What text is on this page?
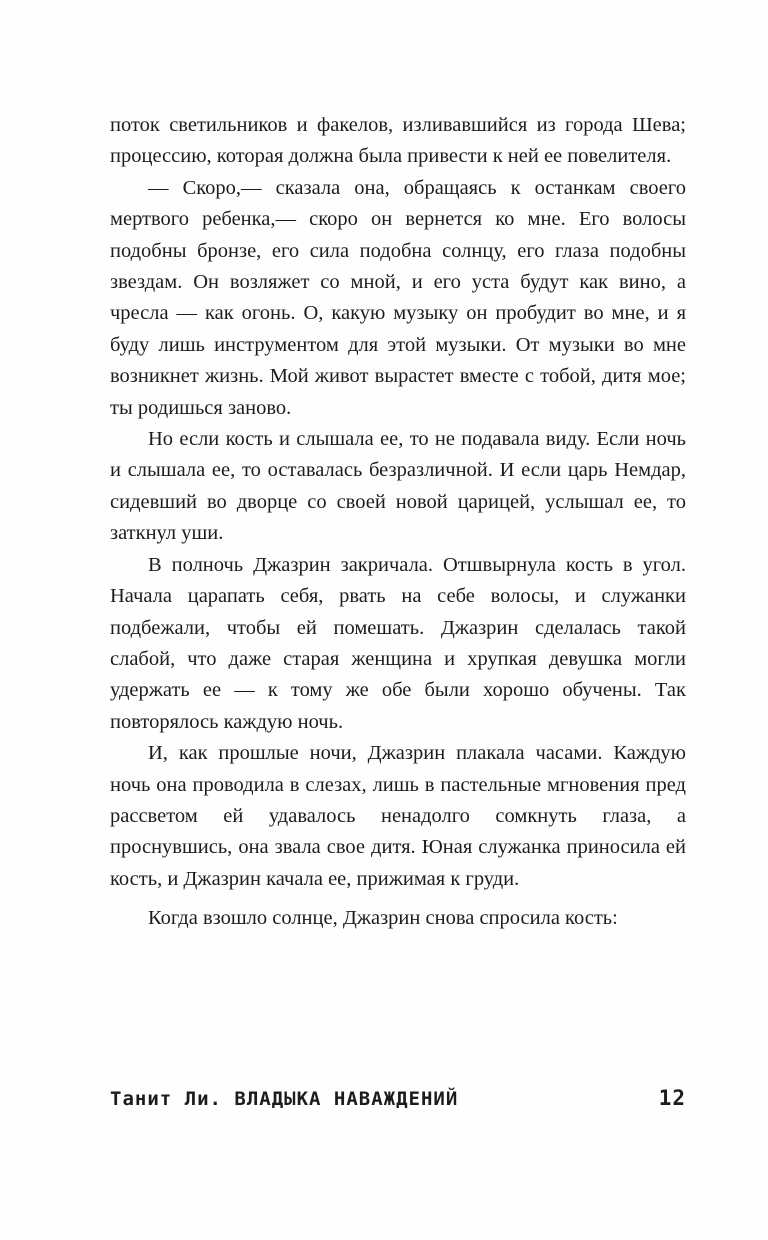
поток светильников и факелов, изливавшийся из города Шева; процессию, которая должна была привести к ней ее повелителя.

— Скоро,— сказала она, обращаясь к останкам своего мертвого ребенка,— скоро он вернется ко мне. Его волосы подобны бронзе, его сила подобна солнцу, его глаза подобны звездам. Он возляжет со мной, и его уста будут как вино, а чресла — как огонь. О, какую музыку он пробудит во мне, и я буду лишь инструментом для этой музыки. От музыки во мне возникнет жизнь. Мой живот вырастет вместе с тобой, дитя мое; ты родишься заново.

Но если кость и слышала ее, то не подавала виду. Если ночь и слышала ее, то оставалась безразличной. И если царь Немдар, сидевший во дворце со своей новой царицей, услышал ее, то заткнул уши.

В полночь Джазрин закричала. Отшвырнула кость в угол. Начала царапать себя, рвать на себе волосы, и служанки подбежали, чтобы ей помешать. Джазрин сделалась такой слабой, что даже старая женщина и хрупкая девушка могли удержать ее — к тому же обе были хорошо обучены. Так повторялось каждую ночь.

И, как прошлые ночи, Джазрин плакала часами. Каждую ночь она проводила в слезах, лишь в пастельные мгновения пред рассветом ей удавалось ненадолго сомкнуть глаза, а проснувшись, она звала свое дитя. Юная служанка приносила ей кость, и Джазрин качала ее, прижимая к груди.

Когда взошло солнце, Джазрин снова спросила кость:

Танит Ли. ВЛАДЫКА НАВАЖДЕНИЙ	12
